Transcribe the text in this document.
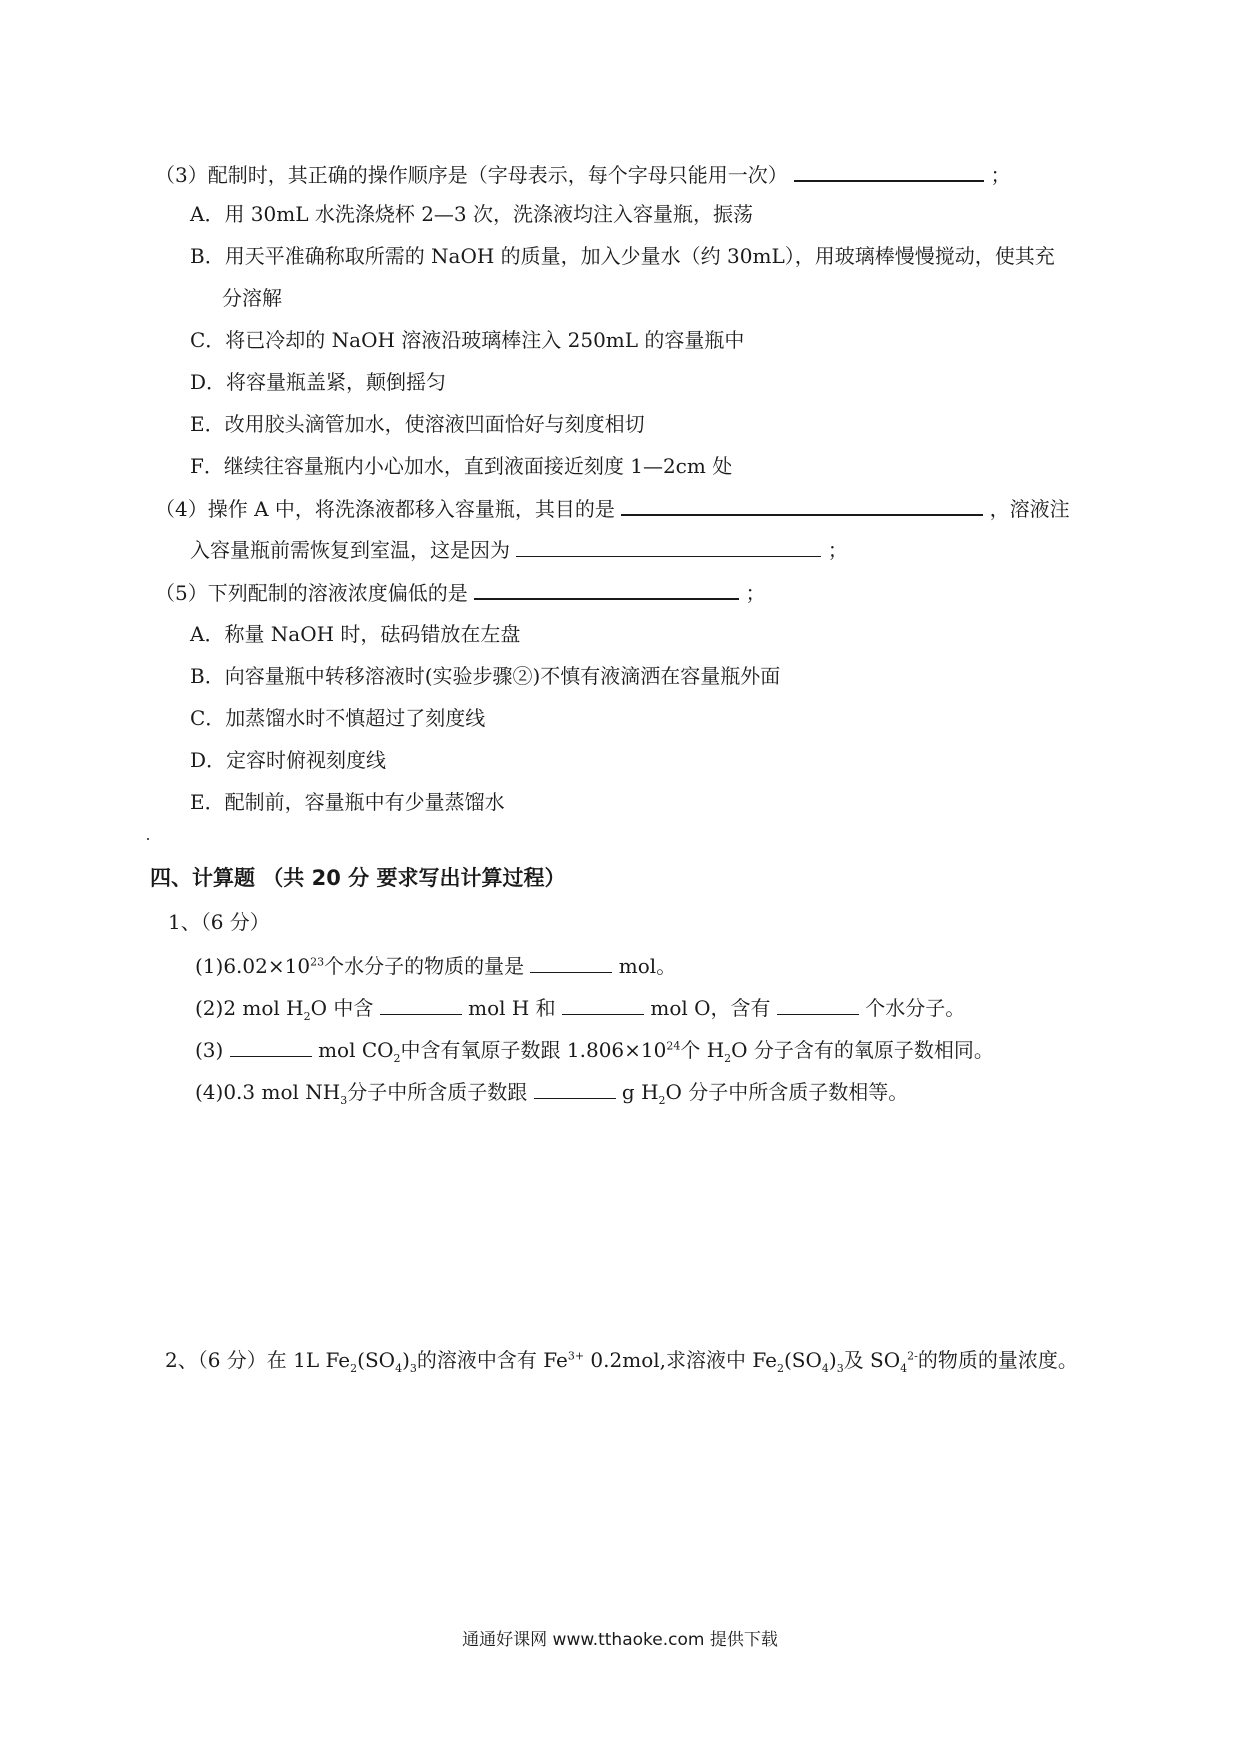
（3）配制时，其正确的操作顺序是（字母表示，每个字母只能用一次）	；
A．用 30mL 水洗涤烧杯 2—3 次，洗涤液均注入容量瓶，振荡
B．用天平准确称取所需的 NaOH 的质量，加入少量水（约 30mL），用玻璃棒慢慢搅动，使其充
分溶解
C．将已冷却的 NaOH 溶液沿玻璃棒注入 250mL 的容量瓶中
D．将容量瓶盖紧，颠倒摇匀
E．改用胶头滴管加水，使溶液凹面恰好与刻度相切
F．继续往容量瓶内小心加水，直到液面接近刻度 1—2cm 处
（4）操作 A 中，将洗涤液都移入容量瓶，其目的是	，溶液注
入容量瓶前需恢复到室温，这是因为	；
（5）下列配制的溶液浓度偏低的是	；
A．称量 NaOH 时，砝码错放在左盘
B．向容量瓶中转移溶液时(实验步骤②)不慎有液滴洒在容量瓶外面
C．加蒸馏水时不慎超过了刻度线
D．定容时俯视刻度线
E．配制前，容量瓶中有少量蒸馏水
四、计算题 （共 20 分 要求写出计算过程）
1、（6 分）
$(1)6.02\times 10^{23}$个水分子的物质的量是	mol。
(2)2 mol $H_2O$ 中含	mol H 和	mol O，含有	个水分子。
(3)	mol $CO_2$中含有氧原子数跟 $1.806\times 10^{24}$个 $H_2O$ 分子含有的氧原子数相同。
(4)0.3 mol $NH_3$分子中所含质子数跟	g $H_2O$ 分子中所含质子数相等。
2、（6 分）在 1L $Fe_2(SO_4)_3$的溶液中含有 $Fe^{3+}$ 0.2mol,求溶液中 $Fe_2(SO_4)_3$及 $SO_4^{2-}$的物质的量浓度。
通通好课网 www.tthaoke.com 提供下载
